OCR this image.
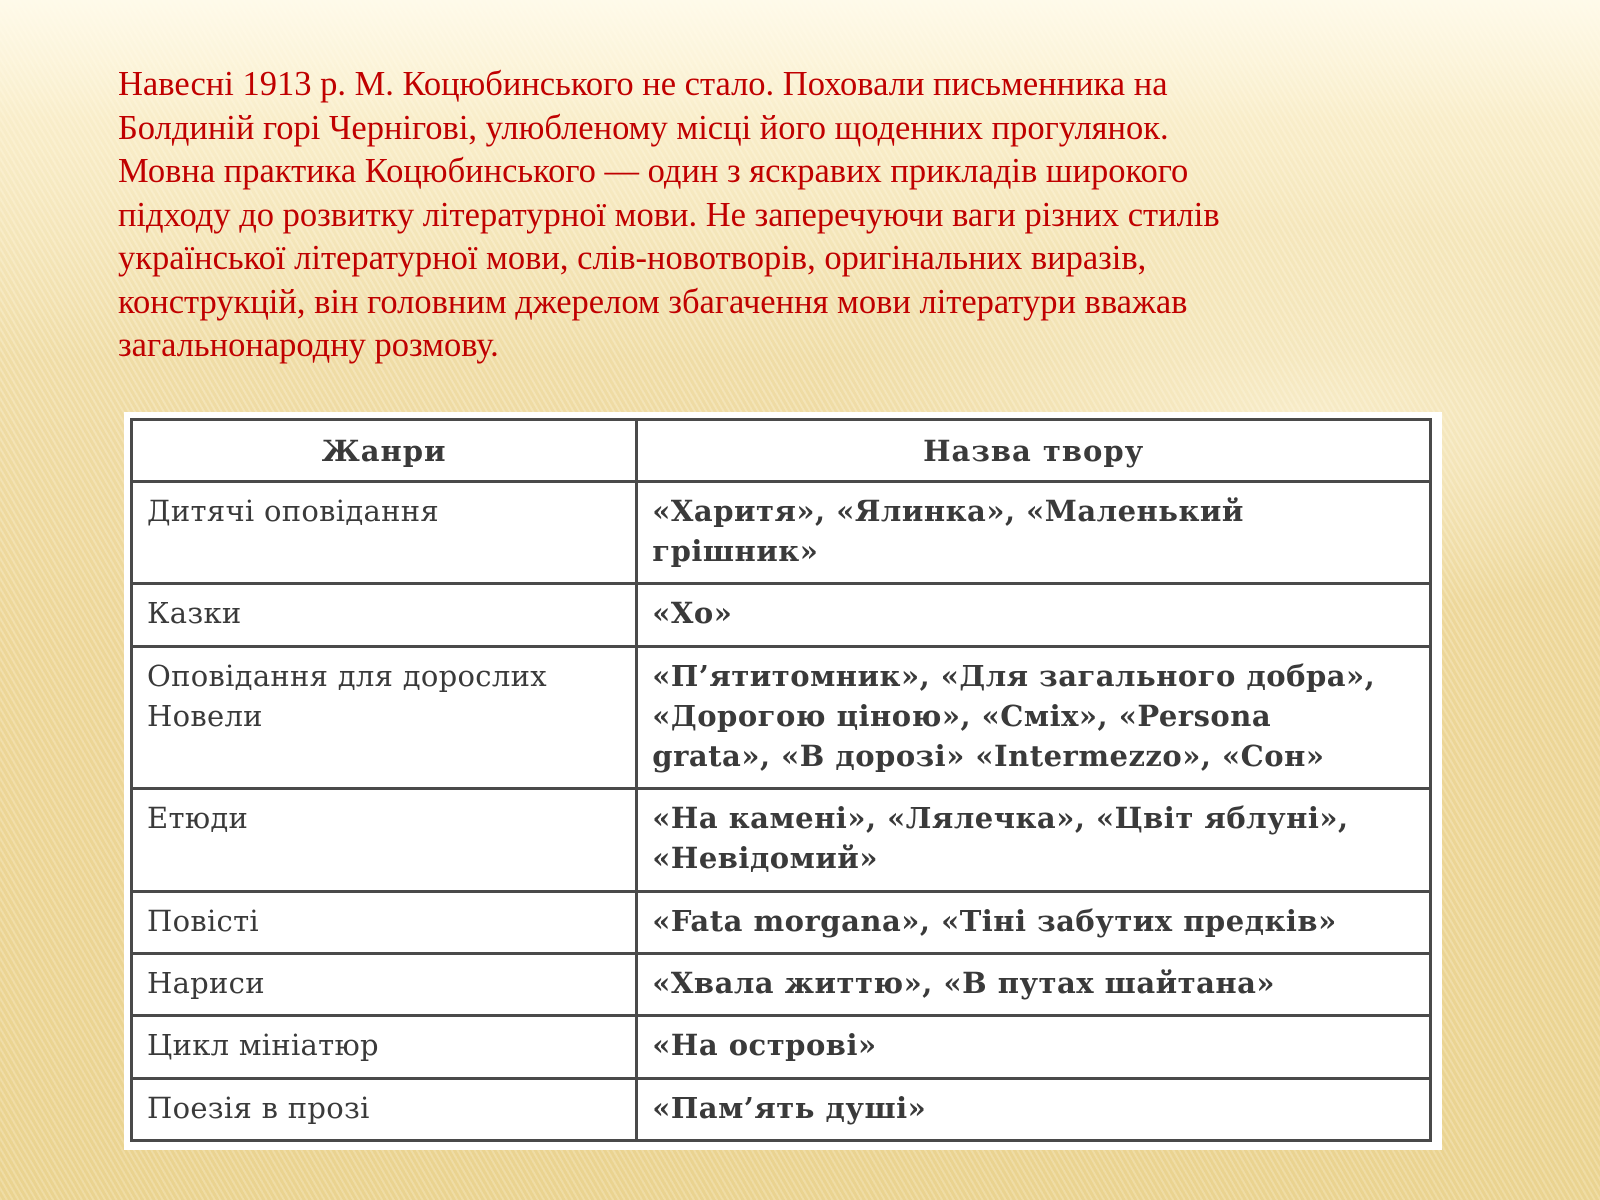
Навесні 1913 р. М. Коцюбинського не стало. Поховали письменника на
Болдиній горі Чернігові, улюбленому місці його щоденних прогулянок.
Мовна практика Коцюбинського — один з яскравих прикладів широкого
підходу до розвитку літературної мови. Не заперечуючи ваги різних стилів
української літературної мови, слів-новотворів, оригінальних виразів,
конструкцій, він головним джерелом збагачення мови літератури вважав
загальнонародну розмову.

Жанри	Назва твору

Дитячі оповідання	«Харитя», «Ялинка», «Маленький
грішник»

Казки	«Хо»

Оповідання для дорослих
Новели	«П’ятитомник», «Для загального добра»,
«Дорогою ціною», «Сміх», «Persona
grata», «В дорозі» «Intermezzo», «Сон»

Етюди	«На камені», «Лялечка», «Цвіт яблуні»,
«Невідомий»

Повісті	«Fata morgana», «Тіні забутих предків»

Нариси	«Хвала життю», «В путах шайтана»

Цикл мініатюр	«На острові»

Поезія в прозі	«Пам’ять душі»
